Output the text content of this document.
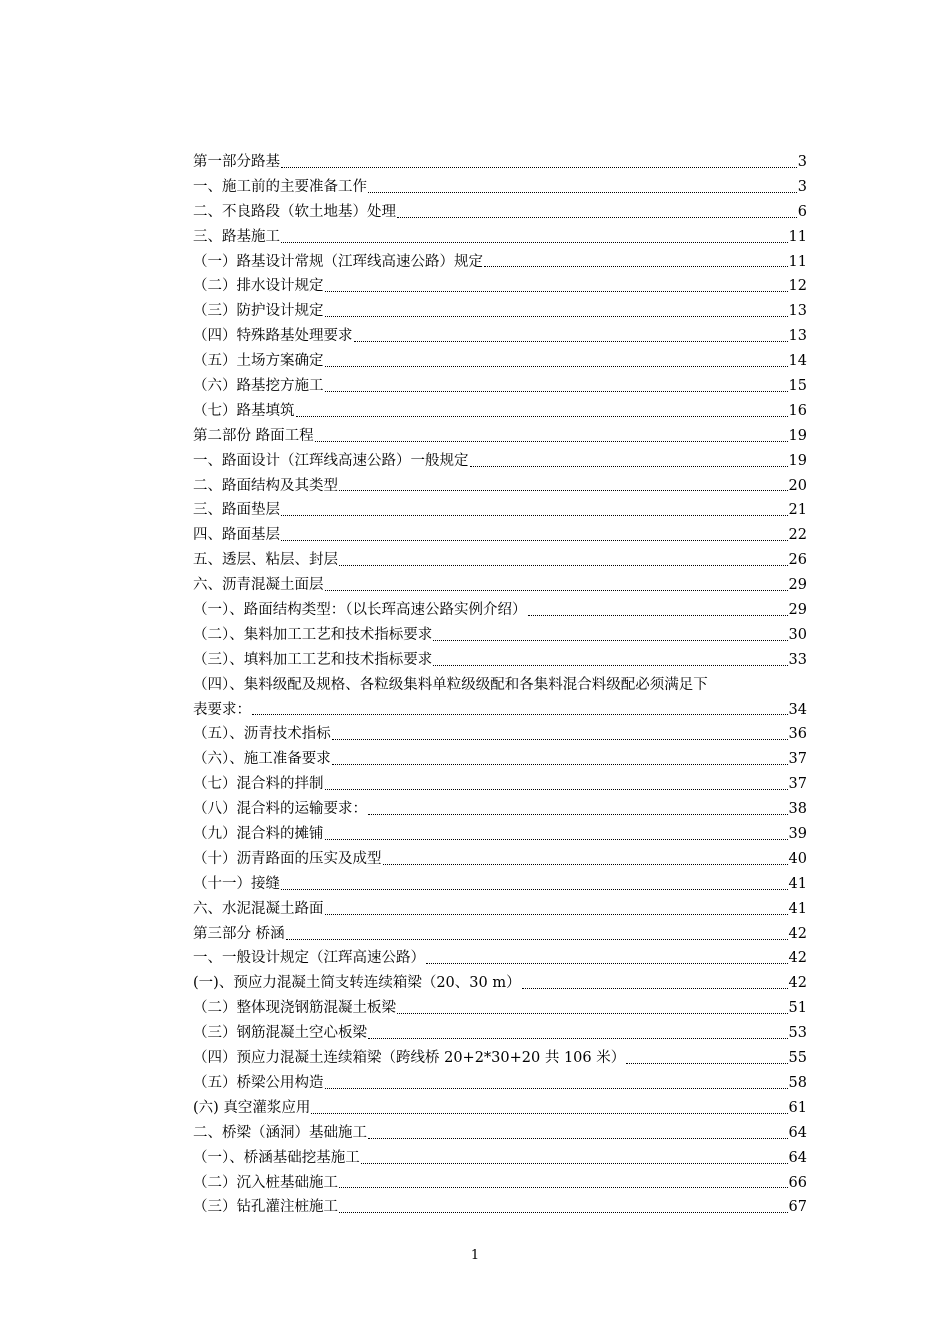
第一部分路基	3
一、施工前的主要准备工作	3
二、不良路段（软土地基）处理	6
三、路基施工	11
（一）路基设计常规（江珲线高速公路）规定	11
（二）排水设计规定	12
（三）防护设计规定	13
（四）特殊路基处理要求	13
（五）土场方案确定	14
（六）路基挖方施工	15
（七）路基填筑	16
第二部份 路面工程	19
一、路面设计（江珲线高速公路）一般规定	19
二、路面结构及其类型	20
三、路面垫层	21
四、路面基层	22
五、透层、粘层、封层	26
六、沥青混凝土面层	29
（一）、路面结构类型：（以长珲高速公路实例介绍）	29
（二）、集料加工工艺和技术指标要求	30
（三）、填料加工工艺和技术指标要求	33
（四）、集料级配及规格、各粒级集料单粒级级配和各集料混合料级配必须满足下
表要求：	34
（五）、沥青技术指标	36
（六）、施工准备要求	37
（七）混合料的拌制	37
（八）混合料的运输要求：	38
（九）混合料的摊铺	39
（十）沥青路面的压实及成型	40
（十一）接缝	41
六、水泥混凝土路面	41
第三部分 桥涵	42
一、一般设计规定（江珲高速公路）	42
(一)、预应力混凝土简支转连续箱梁（20、30 m）	42
（二）整体现浇钢筋混凝土板梁	51
（三）钢筋混凝土空心板梁	53
（四）预应力混凝土连续箱梁（跨线桥 20+2*30+20 共 106 米）	55
（五）桥梁公用构造	58
(六) 真空灌浆应用	61
二、桥梁（涵洞）基础施工	64
（一）、桥涵基础挖基施工	64
（二）沉入桩基础施工	66
（三）钻孔灌注桩施工	67
1
